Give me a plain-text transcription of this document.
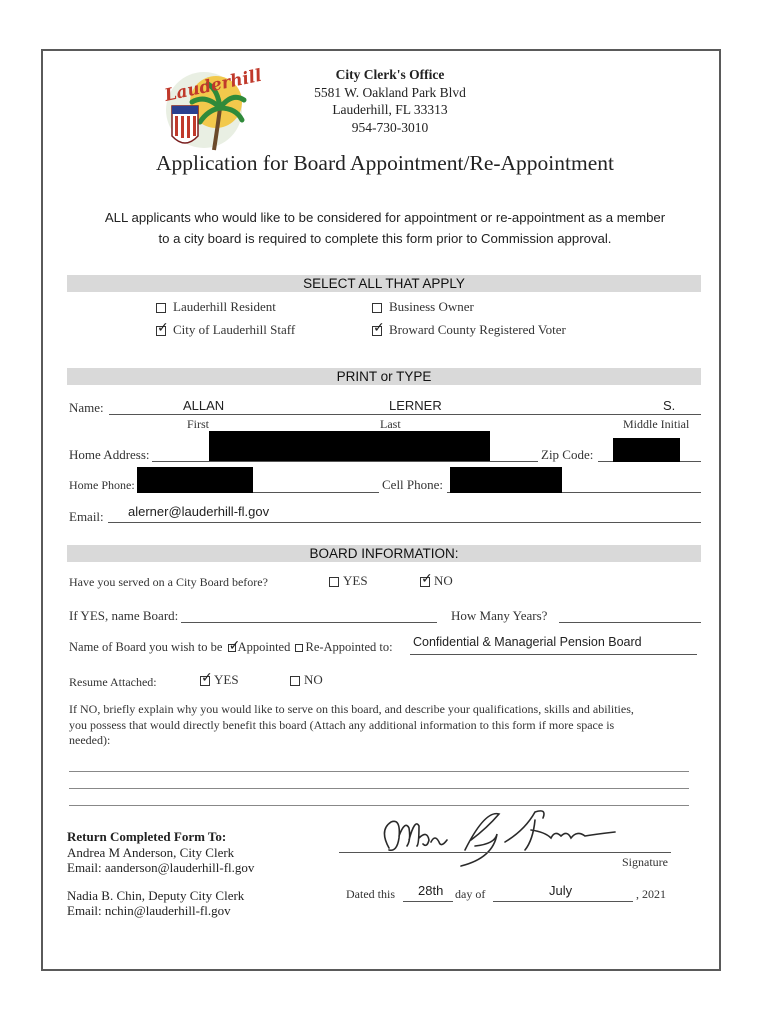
Lauderhill	City Clerk's Office
5581 W. Oakland Park Blvd
Lauderhill, FL 33313
954-730-3010
Application for Board Appointment/Re-Appointment
ALL applicants who would like to be considered for appointment or re-appointment as a member
to a city board is required to complete this form prior to Commission approval.
SELECT ALL THAT APPLY
Lauderhill Resident	Business Owner
✓City of Lauderhill Staff ✓	Broward County Registered Voter
PRINT or TYPE
Name:	ALLAN	LERNER	S.
First	Last	Middle Initial
Home Address:	Zip Code:
Home Phone:	Cell Phone:
Email: alerner@lauderhill-fl.gov
BOARD INFORMATION:
Have you served on a City Board before?	YES ✓	NO
If YES, name Board:	How Many Years?
Name of Board you wish to be ✓ Appointed Re-Appointed to: Confidential & Managerial Pension Board
Resume Attached: ✓	YES	NO
If NO, briefly explain why you would like to serve on this board, and describe your qualifications, skills and abilities,
you possess that would directly benefit this board (Attach any additional information to this form if more space is
needed):
Return Completed Form To:
Andrea M Anderson, City Clerk
Email: aanderson@lauderhill-fl.gov
Nadia B. Chin, Deputy City Clerk
Email: nchin@lauderhill-fl.gov
Signature
Dated this 28th day of	July	, 2021
